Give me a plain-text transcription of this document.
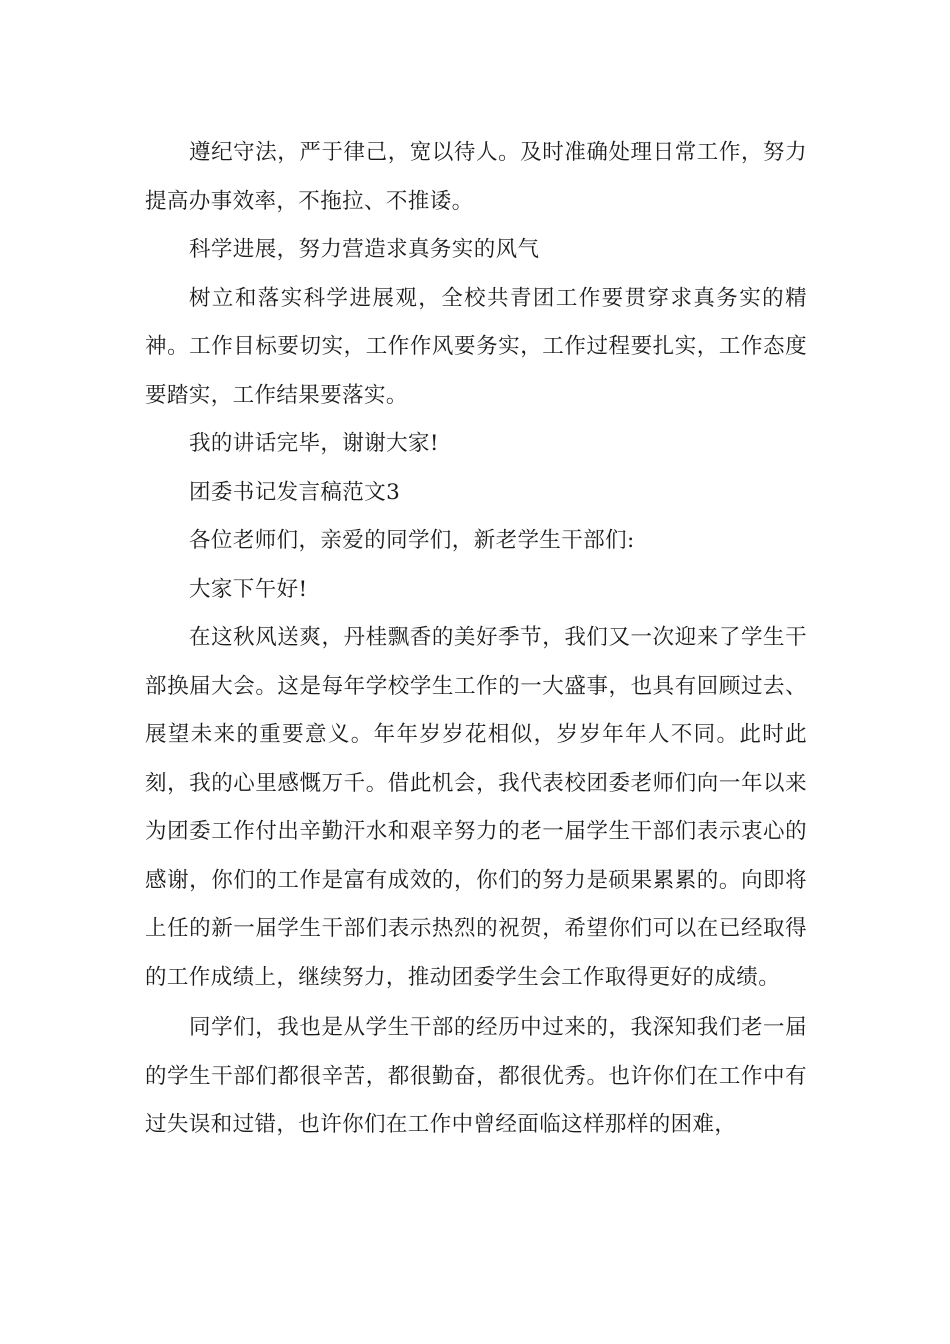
遵纪守法，严于律己，宽以待人。及时准确处理日常工作，努力提高办事效率，不拖拉、不推诿。

科学进展，努力营造求真务实的风气

树立和落实科学进展观，全校共青团工作要贯穿求真务实的精神。工作目标要切实，工作作风要务实，工作过程要扎实，工作态度要踏实，工作结果要落实。

我的讲话完毕，谢谢大家!

团委书记发言稿范文3

各位老师们，亲爱的同学们，新老学生干部们:

大家下午好!

在这秋风送爽，丹桂飘香的美好季节，我们又一次迎来了学生干部换届大会。这是每年学校学生工作的一大盛事，也具有回顾过去、展望未来的重要意义。年年岁岁花相似，岁岁年年人不同。此时此刻，我的心里感慨万千。借此机会，我代表校团委老师们向一年以来为团委工作付出辛勤汗水和艰辛努力的老一届学生干部们表示衷心的感谢，你们的工作是富有成效的，你们的努力是硕果累累的。向即将上任的新一届学生干部们表示热烈的祝贺，希望你们可以在已经取得的工作成绩上，继续努力，推动团委学生会工作取得更好的成绩。

同学们，我也是从学生干部的经历中过来的，我深知我们老一届的学生干部们都很辛苦，都很勤奋，都很优秀。也许你们在工作中有过失误和过错，也许你们在工作中曾经面临这样那样的困难，
